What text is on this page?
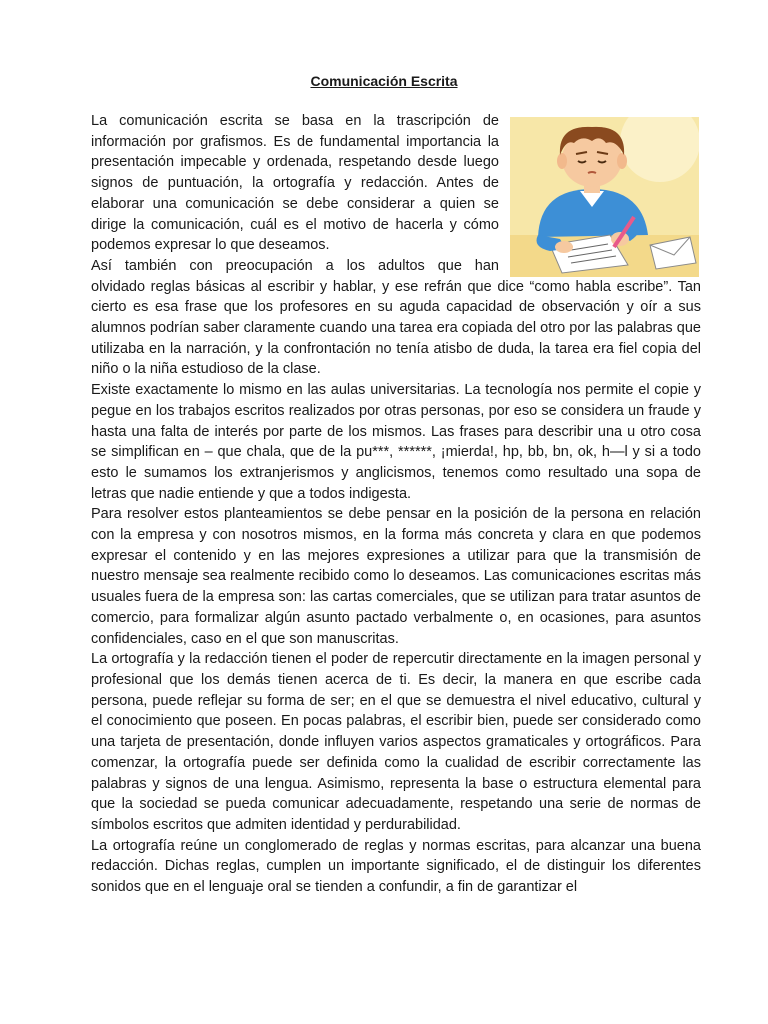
Comunicación Escrita

La comunicación escrita se basa en la trascripción de información por grafismos. Es de fundamental importancia la presentación impecable y ordenada, respetando desde luego signos de puntuación, la ortografía y redacción. Antes de elaborar una comunicación se debe considerar a quien se dirige la comunicación, cuál es el motivo de hacerla y cómo podemos expresar lo que deseamos.

Así también con preocupación a los adultos que han
olvidado reglas básicas al escribir y hablar, y ese refrán que dice “como habla escribe”. Tan cierto es esa frase que los profesores en su aguda capacidad de observación y oír a sus alumnos podrían saber claramente cuando una tarea era copiada del otro por las palabras que utilizaba en la narración, y la confrontación no tenía atisbo de duda, la tarea era fiel copia del niño o la niña estudioso de la clase.

Existe exactamente lo mismo en las aulas universitarias. La tecnología nos permite el copie y pegue en los trabajos escritos realizados por otras personas, por eso se considera un fraude y hasta una falta de interés por parte de los mismos. Las frases para describir una u otro cosa se simplifican en – que chala, que de la pu***, ******, ¡mierda!, hp, bb, bn, ok, h—l y si a todo esto le sumamos los extranjerismos y anglicismos, tenemos como resultado una sopa de letras que nadie entiende y que a todos indigesta.

Para resolver estos planteamientos se debe pensar en la posición de la persona en relación con la empresa y con nosotros mismos, en la forma más concreta y clara en que podemos expresar el contenido y en las mejores expresiones a utilizar para que la transmisión de nuestro mensaje sea realmente recibido como lo deseamos. Las comunicaciones escritas más usuales fuera de la empresa son: las cartas comerciales, que se utilizan para tratar asuntos de comercio, para formalizar algún asunto pactado verbalmente o, en ocasiones, para asuntos confidenciales, caso en el que son manuscritas.

La ortografía y la redacción tienen el poder de repercutir directamente en la imagen personal y profesional que los demás tienen acerca de ti. Es decir, la manera en que escribe cada persona, puede reflejar su forma de ser; en el que se demuestra el nivel educativo, cultural y el conocimiento que poseen. En pocas palabras, el escribir bien, puede ser considerado como una tarjeta de presentación, donde influyen varios aspectos gramaticales y ortográficos. Para comenzar, la ortografía puede ser definida como la cualidad de escribir correctamente las palabras y signos de una lengua. Asimismo, representa la base o estructura elemental para que la sociedad se pueda comunicar adecuadamente, respetando una serie de normas de símbolos escritos que admiten identidad y perdurabilidad.

La ortografía reúne un conglomerado de reglas y normas escritas, para alcanzar una buena redacción. Dichas reglas, cumplen un importante significado, el de distinguir los diferentes sonidos que en el lenguaje oral se tienden a confundir, a fin de garantizar el
